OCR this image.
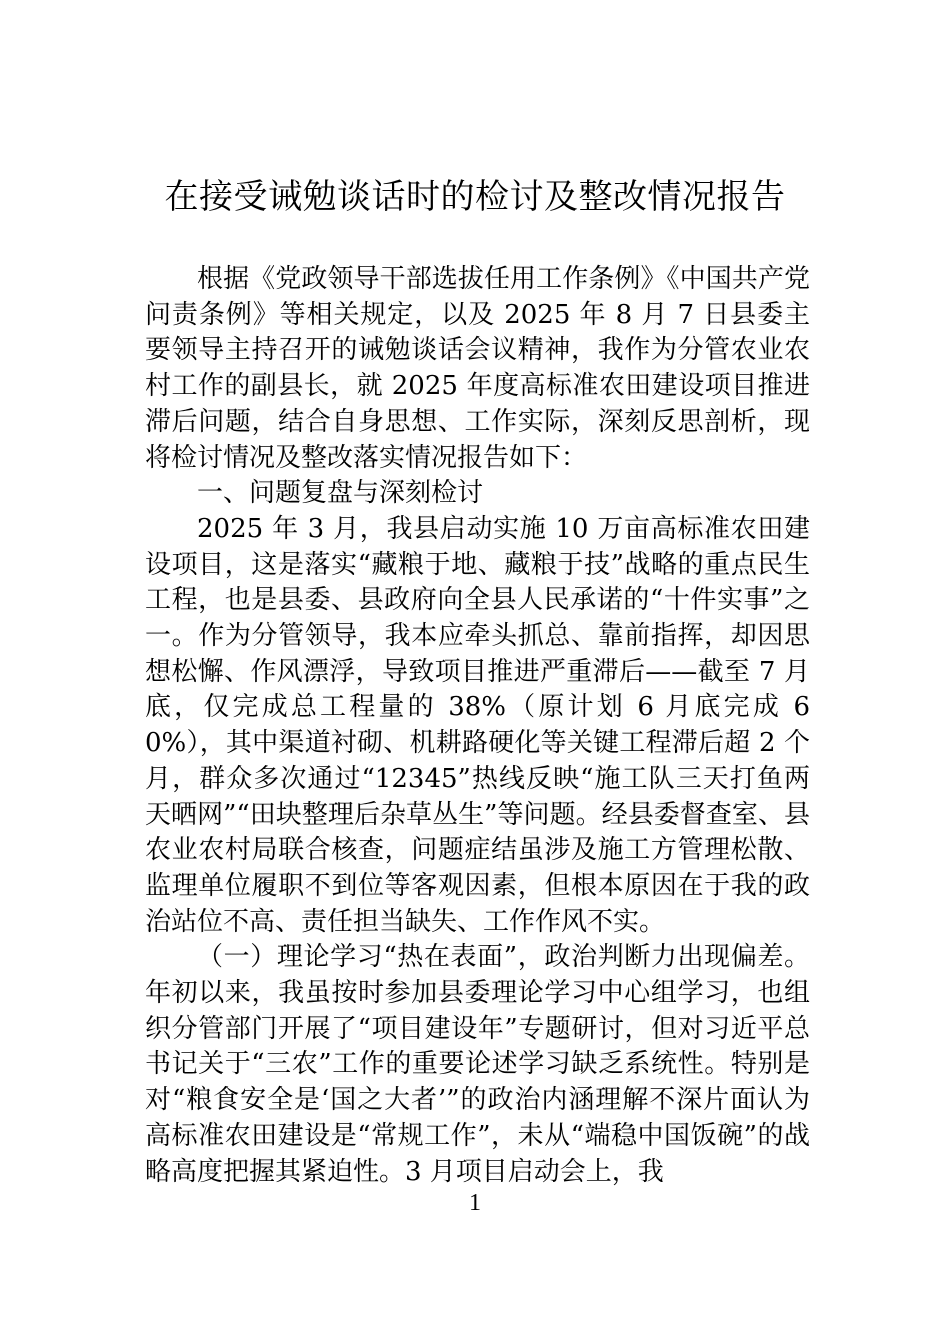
在接受诫勉谈话时的检讨及整改情况报告

根据《党政领导干部选拔任用工作条例》《中国共产党问责条例》等相关规定，以及 2025 年 8 月 7 日县委主要领导主持召开的诫勉谈话会议精神，我作为分管农业农村工作的副县长，就 2025 年度高标准农田建设项目推进滞后问题，结合自身思想、工作实际，深刻反思剖析，现将检讨情况及整改落实情况报告如下：

一、问题复盘与深刻检讨

2025 年 3 月，我县启动实施 10 万亩高标准农田建设项目，这是落实“藏粮于地、藏粮于技”战略的重点民生工程，也是县委、县政府向全县人民承诺的“十件实事”之一。作为分管领导，我本应牵头抓总、靠前指挥，却因思想松懈、作风漂浮，导致项目推进严重滞后——截至 7 月底，仅完成总工程量的 38%（原计划 6 月底完成 60%），其中渠道衬砌、机耕路硬化等关键工程滞后超 2 个月，群众多次通过“12345”热线反映“施工队三天打鱼两天晒网”“田块整理后杂草丛生”等问题。经县委督查室、县农业农村局联合核查，问题症结虽涉及施工方管理松散、监理单位履职不到位等客观因素，但根本原因在于我的政治站位不高、责任担当缺失、工作作风不实。

（一）理论学习“热在表面”，政治判断力出现偏差。年初以来，我虽按时参加县委理论学习中心组学习，也组织分管部门开展了“项目建设年”专题研讨，但对习近平总书记关于“三农”工作的重要论述学习缺乏系统性。特别是对“粮食安全是‘国之大者’”的政治内涵理解不深片面认为高标准农田建设是“常规工作”，未从“端稳中国饭碗”的战略高度把握其紧迫性。3 月项目启动会上，我

1
